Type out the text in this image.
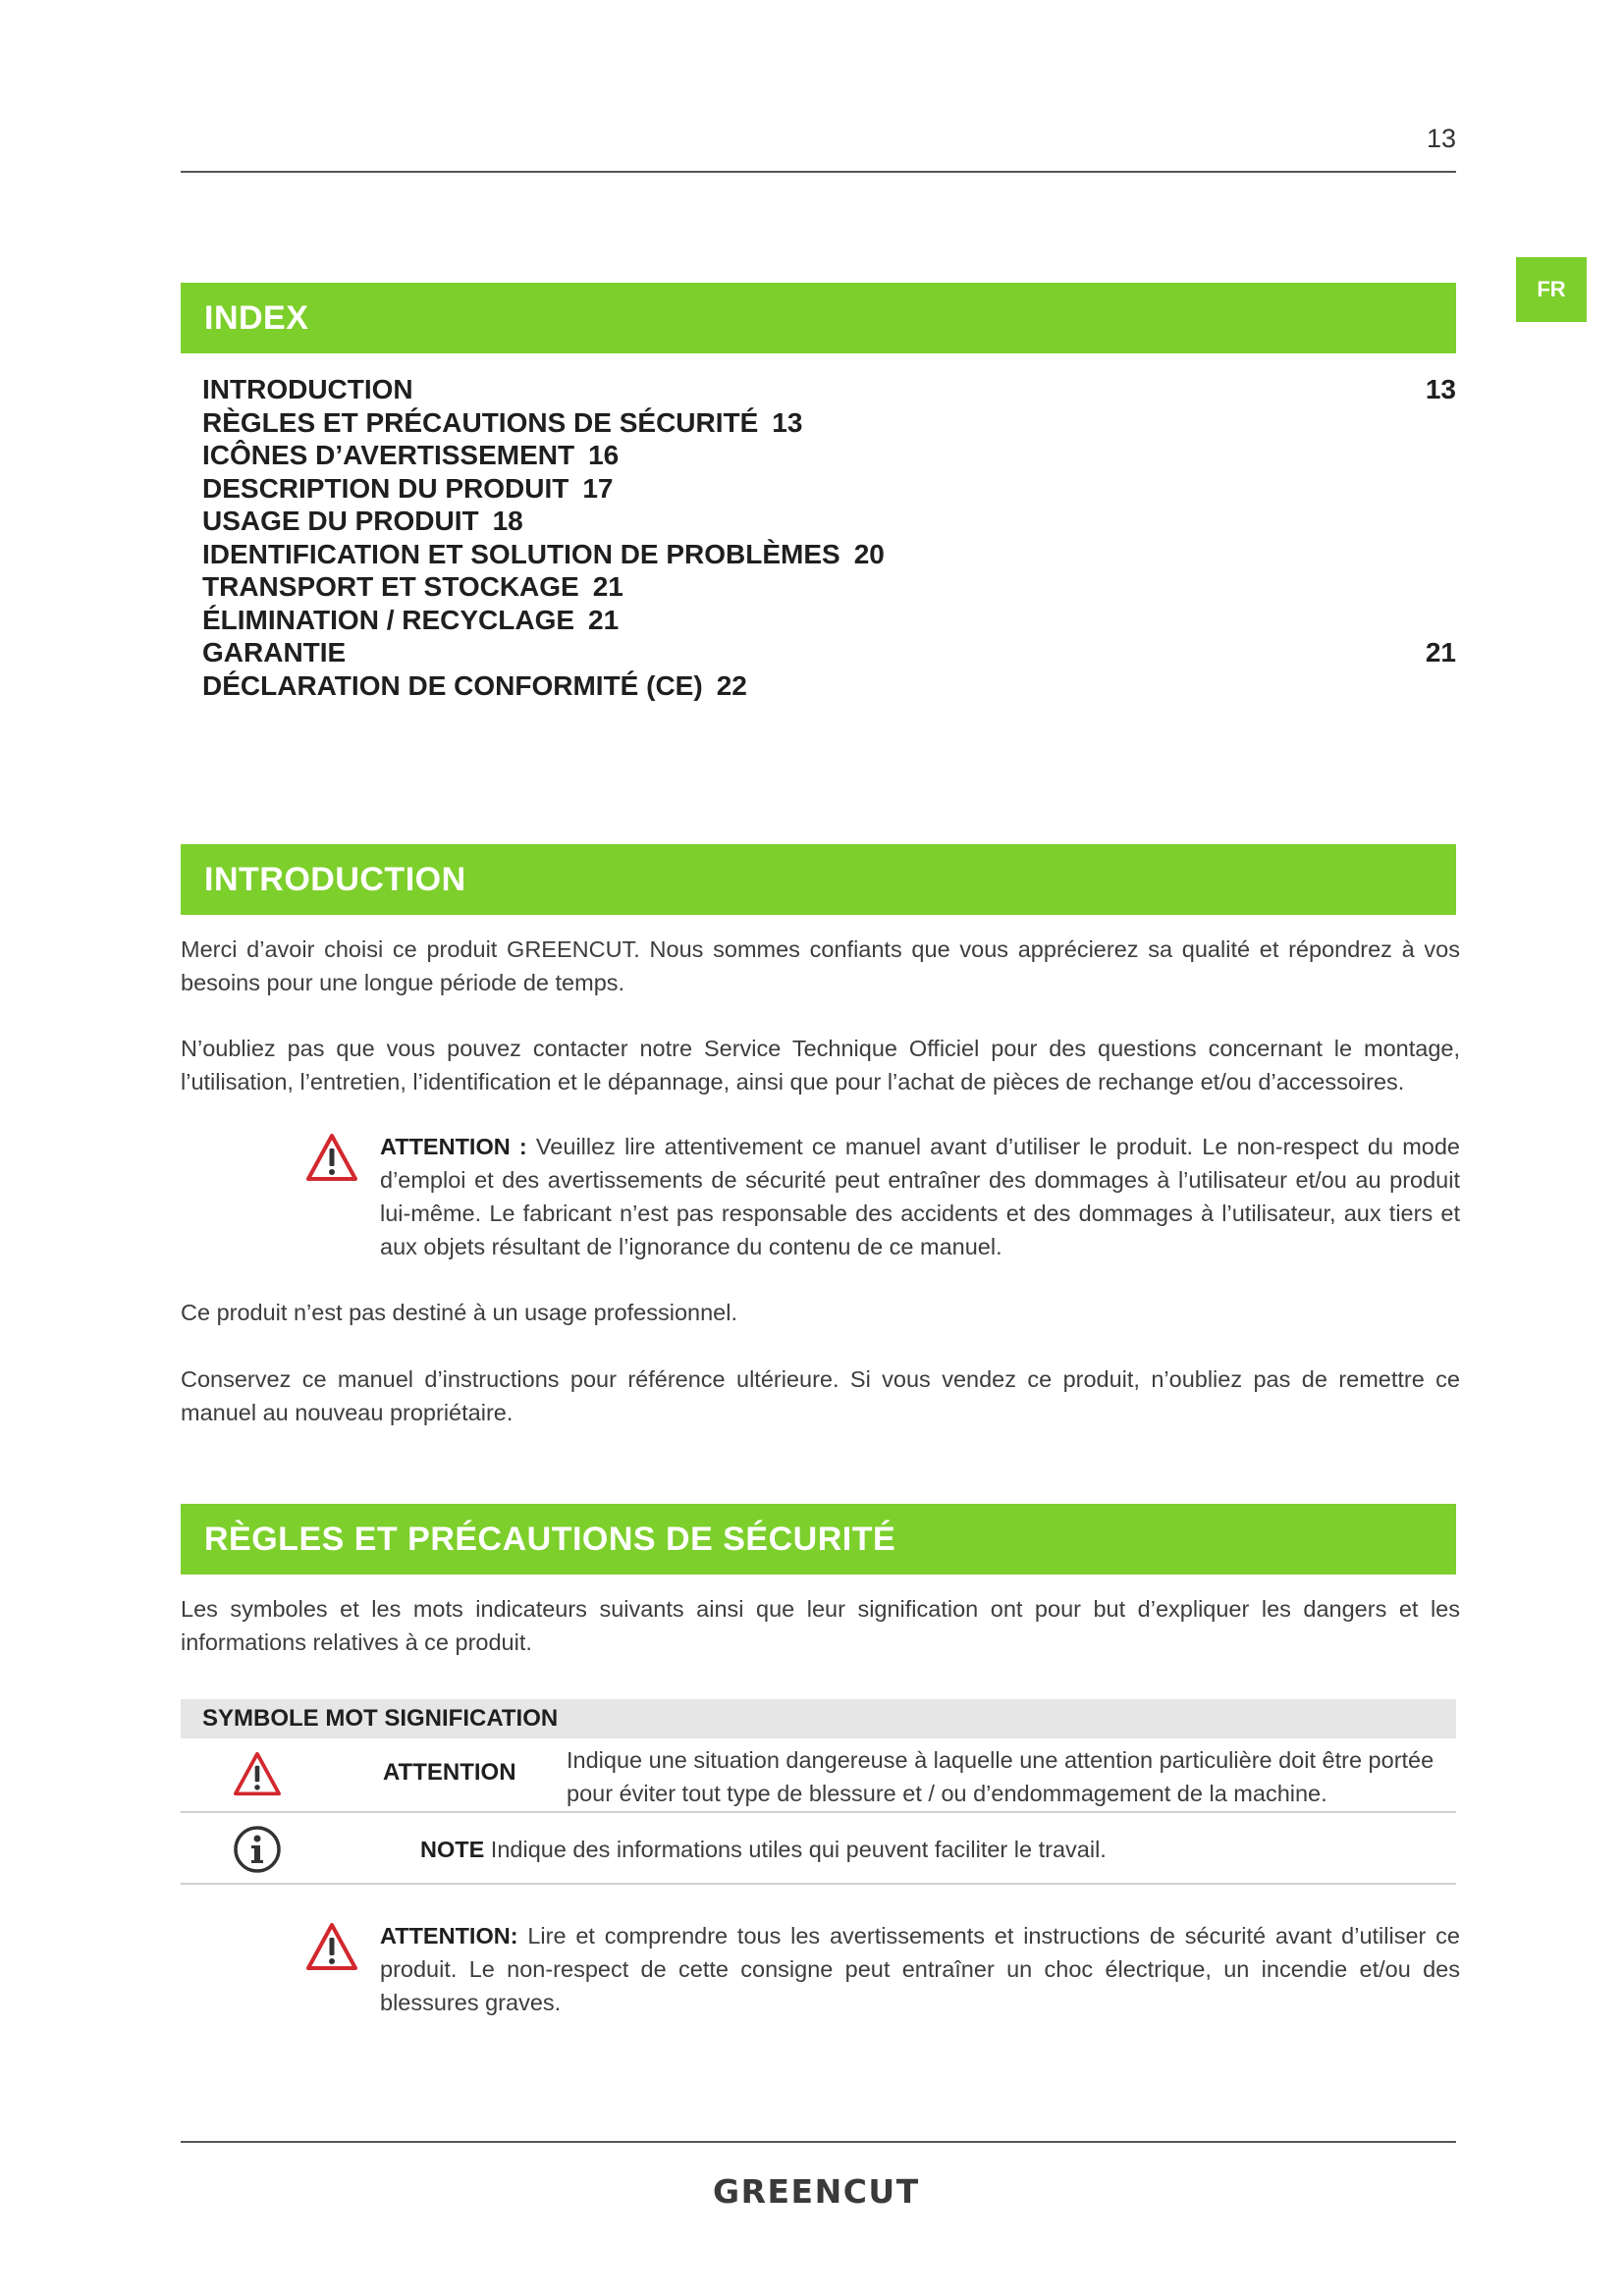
13
FR
INDEX
INTRODUCTION	13
RÈGLES ET PRÉCAUTIONS DE SÉCURITÉ 13
ICÔNES D’AVERTISSEMENT 16
DESCRIPTION DU PRODUIT 17
USAGE DU PRODUIT 18
IDENTIFICATION ET SOLUTION DE PROBLÈMES 20
TRANSPORT ET STOCKAGE 21
ÉLIMINATION / RECYCLAGE 21
GARANTIE	21
DÉCLARATION DE CONFORMITÉ (CE) 22
INTRODUCTION

Merci d’avoir choisi ce produit GREENCUT. Nous sommes confiants que vous apprécierez sa qualité et répondrez à vos besoins pour une longue période de temps.

N’oubliez pas que vous pouvez contacter notre Service Technique Officiel pour des questions concernant le montage, l’utilisation, l’entretien, l’identification et le dépannage, ainsi que pour l’achat de pièces de rechange et/ou d’accessoires.

ATTENTION : Veuillez lire attentivement ce manuel avant d’utiliser le produit. Le non-respect du mode d’emploi et des avertissements de sécurité peut entraîner des dommages à l’utilisateur et/ou au produit lui-même. Le fabricant n’est pas responsable des accidents et des dommages à l’utilisateur, aux tiers et aux objets résultant de l’ignorance du contenu de ce manuel.

Ce produit n’est pas destiné à un usage professionnel.

Conservez ce manuel d’instructions pour référence ultérieure. Si vous vendez ce produit, n’oubliez pas de remettre ce manuel au nouveau propriétaire.

RÈGLES ET PRÉCAUTIONS DE SÉCURITÉ

Les symboles et les mots indicateurs suivants ainsi que leur signification ont pour but d’expliquer les dangers et les informations relatives à ce produit.

SYMBOLE MOT SIGNIFICATION
ATTENTION Indique une situation dangereuse à laquelle une attention particulière doit être portée pour éviter tout type de blessure et / ou d’endommagement de la machine.

NOTE Indique des informations utiles qui peuvent faciliter le travail.

ATTENTION: Lire et comprendre tous les avertissements et instructions de sécurité avant d’utiliser ce produit. Le non-respect de cette consigne peut entraîner un choc électrique, un incendie et/ou des blessures graves.

GREENCUT
